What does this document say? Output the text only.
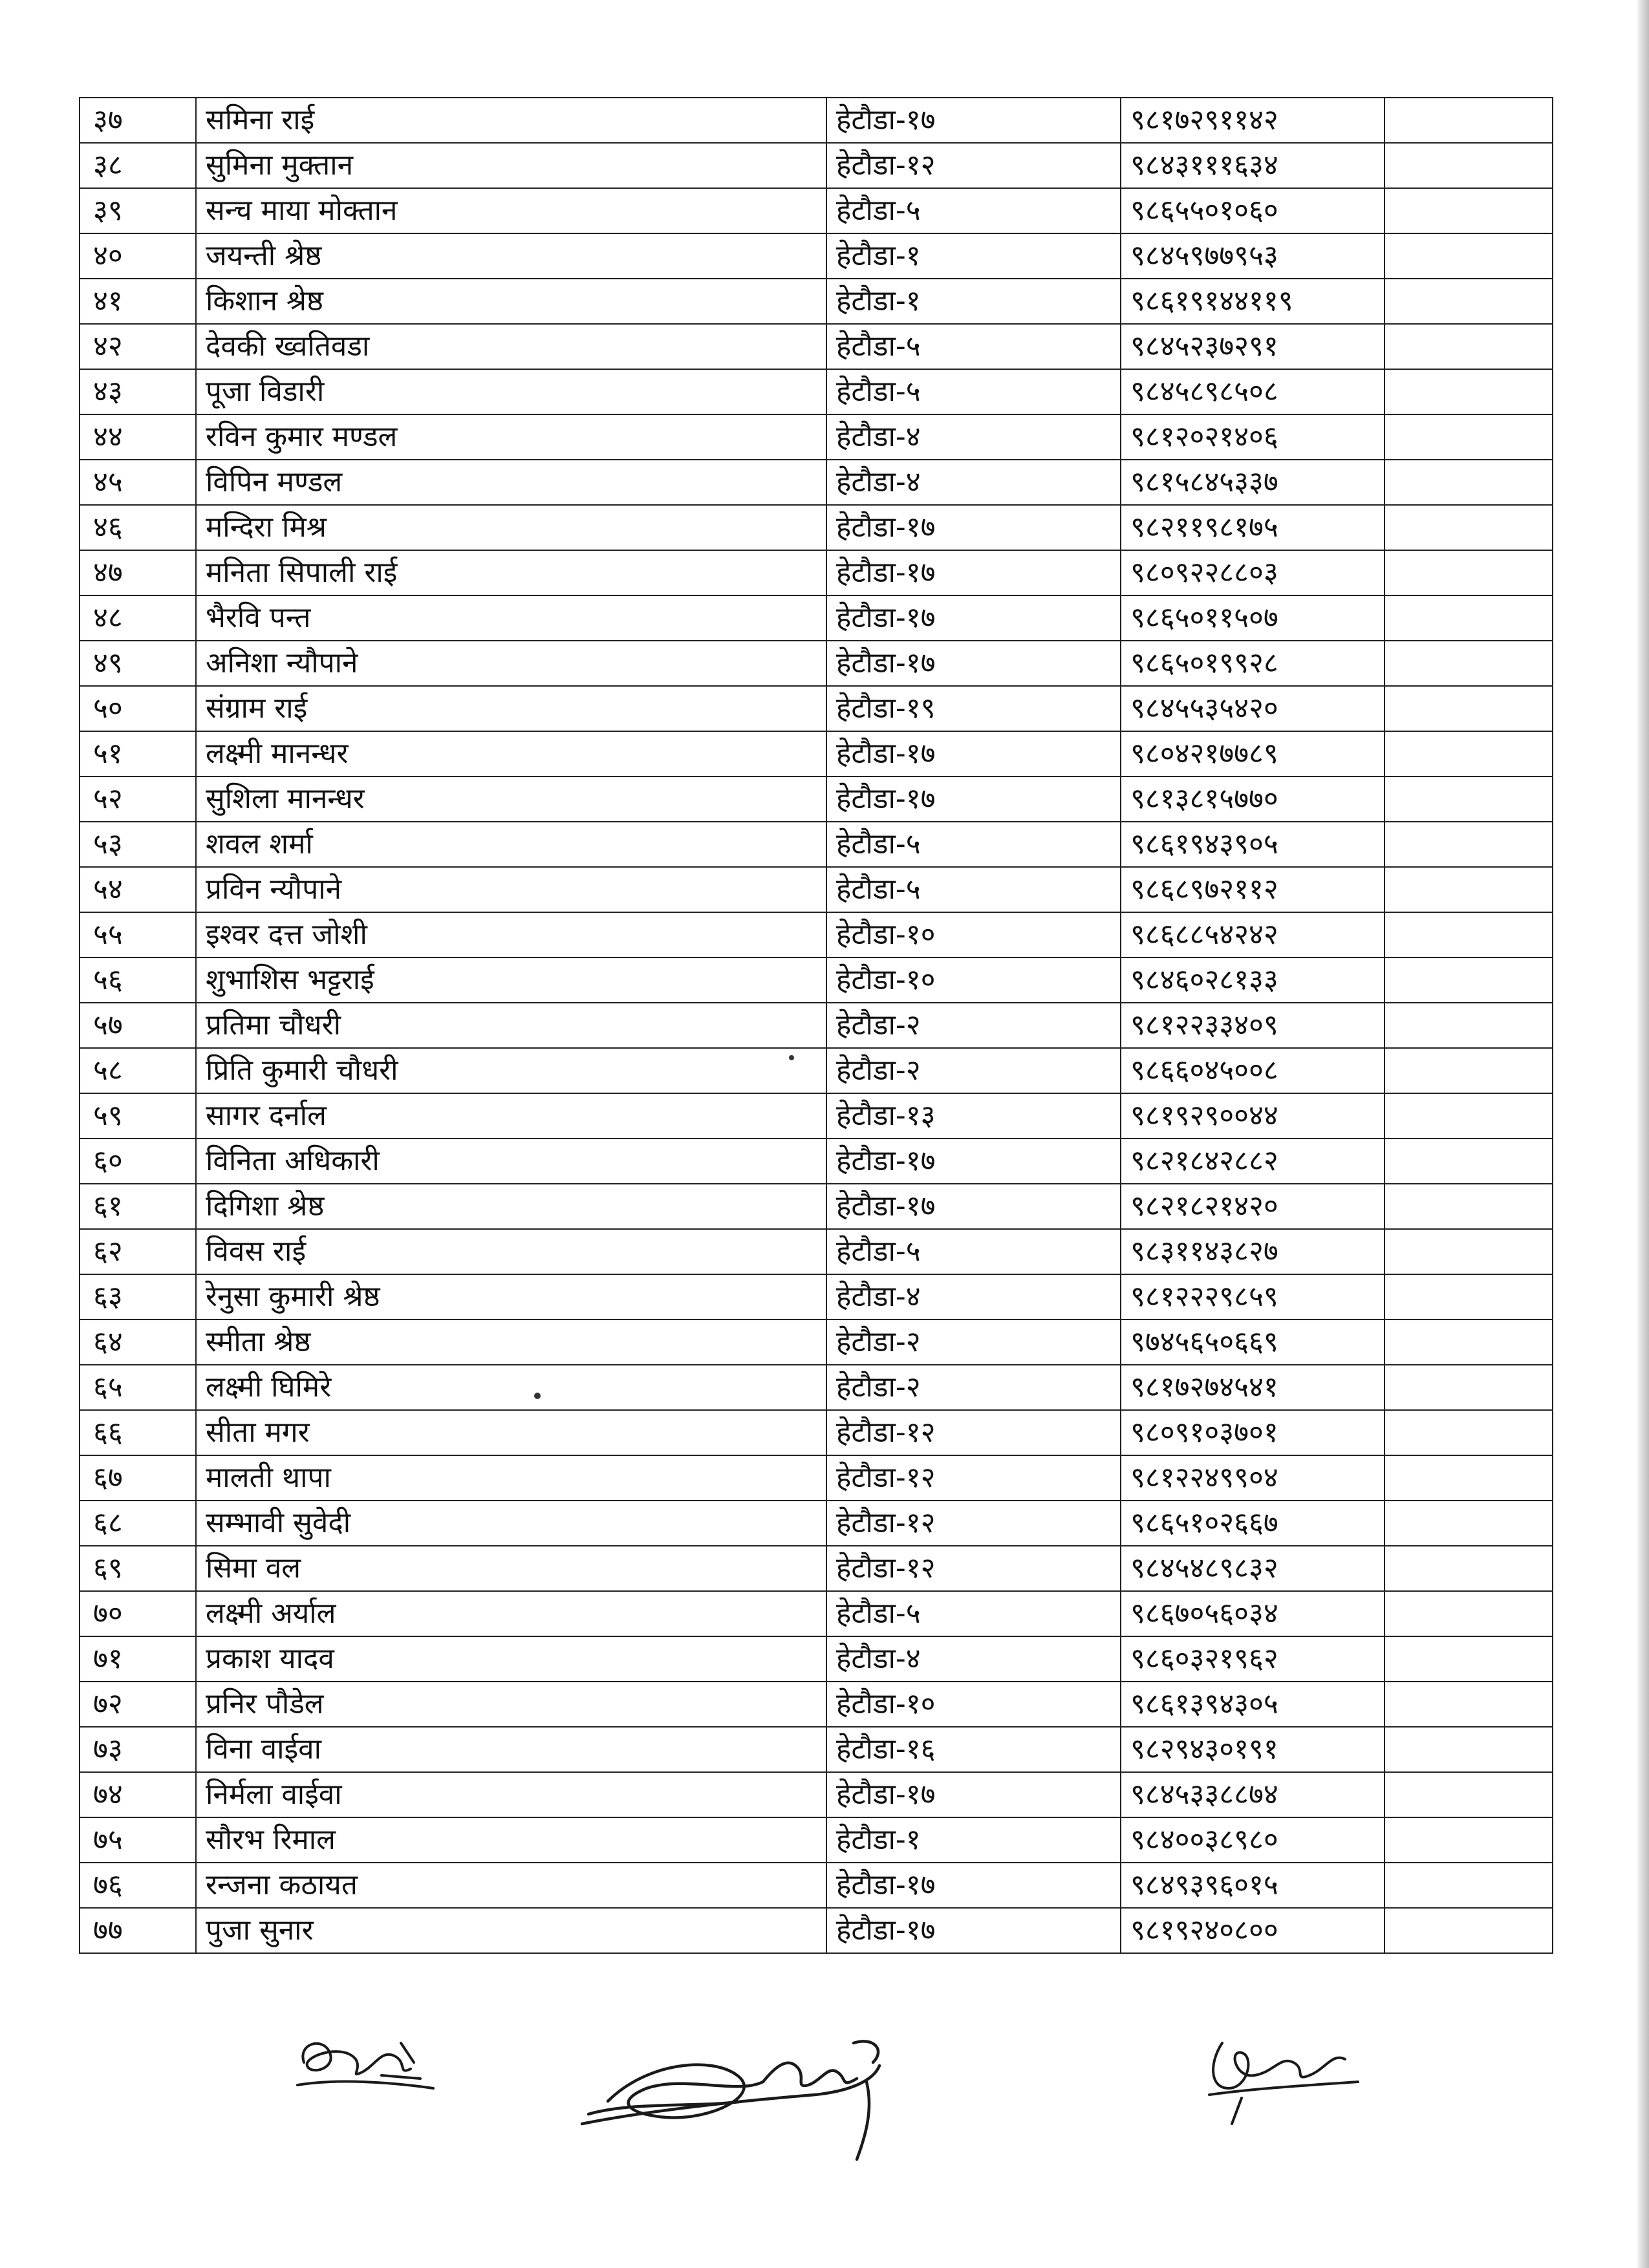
३७	समिना राई	हेटौडा-१७	९८१७२९११४२	
३८	सुमिना मुक्तान	हेटौडा-१२	९८४३१११६३४	
३९	सन्च माया मोक्तान	हेटौडा-५	९८६५५०१०६०	
४०	जयन्ती श्रेष्ठ	हेटौडा-१	९८४५९७७९५३	
४१	किशान श्रेष्ठ	हेटौडा-१	९८६१९१४४११९	
४२	देवकी ख्वतिवडा	हेटौडा-५	९८४५२३७२९१	
४३	पूजा विडारी	हेटौडा-५	९८४५८९८५०८	
४४	रविन कुमार मण्डल	हेटौडा-४	९८१२०२१४०६	
४५	विपिन मण्डल	हेटौडा-४	९८१५८४५३३७	
४६	मन्दिरा मिश्र	हेटौडा-१७	९८२११९८१७५	
४७	मनिता सिपाली राई	हेटौडा-१७	९८०९२२८८०३	
४८	भैरवि पन्त	हेटौडा-१७	९८६५०११५०७	
४९	अनिशा न्यौपाने	हेटौडा-१७	९८६५०१९९२८	
५०	संग्राम राई	हेटौडा-१९	९८४५५३५४२०	
५१	लक्ष्मी मानन्धर	हेटौडा-१७	९८०४२१७७८९	
५२	सुशिला मानन्धर	हेटौडा-१७	९८१३८१५७७०	
५३	शवल शर्मा	हेटौडा-५	९८६१९४३९०५	
५४	प्रविन न्यौपाने	हेटौडा-५	९८६८९७२११२	
५५	इश्वर दत्त जोशी	हेटौडा-१०	९८६८८५४२४२	
५६	शुभाशिस भट्टराई	हेटौडा-१०	९८४६०२८१३३	
५७	प्रतिमा चौधरी	हेटौडा-२	९८१२२३३४०९	
५८	प्रिति कुमारी चौधरी	हेटौडा-२	९८६६०४५००८	
५९	सागर दर्नाल	हेटौडा-१३	९८१९२९००४४	
६०	विनिता अधिकारी	हेटौडा-१७	९८२१८४२८८२	
६१	दिगिशा श्रेष्ठ	हेटौडा-१७	९८२१८२१४२०	
६२	विवस राई	हेटौडा-५	९८३११४३८२७	
६३	रेनुसा कुमारी श्रेष्ठ	हेटौडा-४	९८१२२२९८५९	
६४	स्मीता श्रेष्ठ	हेटौडा-२	९७४५६५०६६९	
६५	लक्ष्मी घिमिरे	हेटौडा-२	९८१७२७४५४१	
६६	सीता मगर	हेटौडा-१२	९८०९१०३७०१	
६७	मालती थापा	हेटौडा-१२	९८१२२४९९०४	
६८	सम्भावी सुवेदी	हेटौडा-१२	९८६५१०२६६७	
६९	सिमा वल	हेटौडा-१२	९८४५४८९८३२	
७०	लक्ष्मी अर्याल	हेटौडा-५	९८६७०५६०३४	
७१	प्रकाश यादव	हेटौडा-४	९८६०३२१९६२	
७२	प्रनिर पौडेल	हेटौडा-१०	९८६१३९४३०५	
७३	विना वाईवा	हेटौडा-१६	९८२९४३०१९१	
७४	निर्मला वाईवा	हेटौडा-१७	९८४५३३८८७४	
७५	सौरभ रिमाल	हेटौडा-१	९८४००३८९८०	
७६	रन्जना कठायत	हेटौडा-१७	९८४९३९६०१५	
७७	पुजा सुनार	हेटौडा-१७	९८१९२४०८००	
